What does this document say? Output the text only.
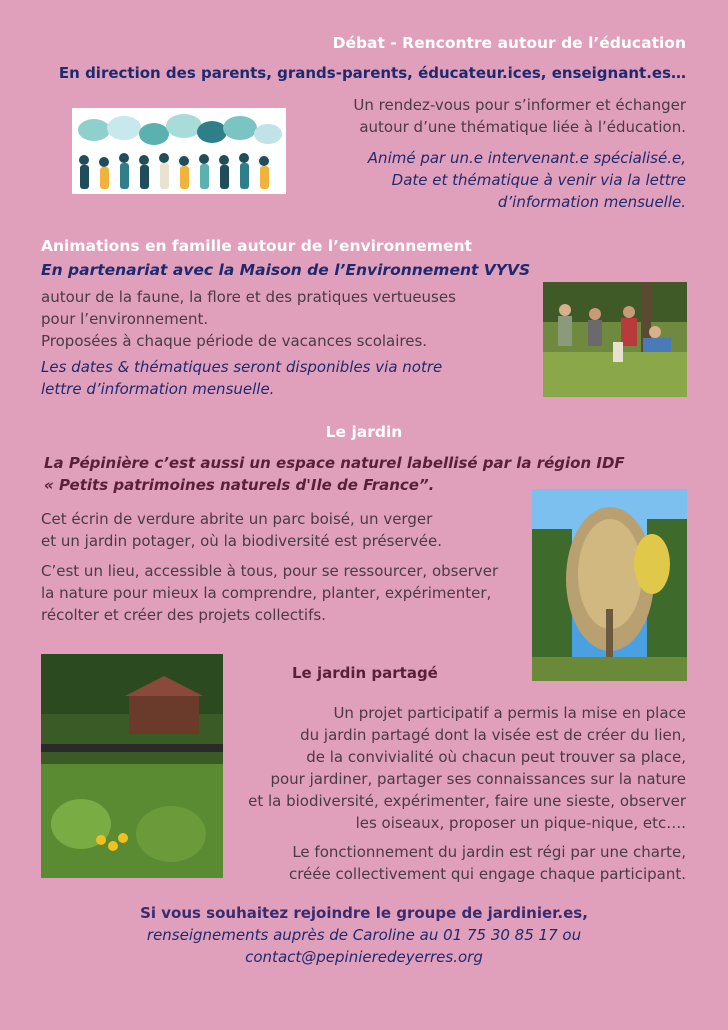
Débat - Rencontre autour de l’éducation
En direction des parents, grands-parents, éducateur.ices, enseignant.es…
Un rendez-vous pour s’informer et échanger
autour d’une thématique liée à l’éducation.
Animé par un.e intervenant.e spécialisé.e,
Date et thématique à venir via la lettre
d’information mensuelle.
Animations en famille autour de l’environnement
En partenariat avec la Maison de l’Environnement VYVS
autour de la faune, la flore et des pratiques vertueuses
pour l’environnement.
Proposées à chaque période de vacances scolaires.
Les dates & thématiques seront disponibles via notre
lettre d’information mensuelle.
Le jardin
La Pépinière c’est aussi un espace naturel labellisé par la région IDF
« Petits patrimoines naturels d'Ile de France”.
Cet écrin de verdure abrite un parc boisé, un verger
et un jardin potager, où la biodiversité est préservée.
C’est un lieu, accessible à tous, pour se ressourcer, observer
la nature pour mieux la comprendre, planter, expérimenter,
récolter et créer des projets collectifs.
Le jardin partagé
Un projet participatif a permis la mise en place
du jardin partagé dont la visée est de créer du lien,
de la convivialité où chacun peut trouver sa place,
pour jardiner, partager ses connaissances sur la nature
et la biodiversité, expérimenter, faire une sieste, observer
les oiseaux, proposer un pique-nique, etc….
Le fonctionnement du jardin est régi par une charte,
créée collectivement qui engage chaque participant.
Si vous souhaitez rejoindre le groupe de jardinier.es,
renseignements auprès de Caroline au 01 75 30 85 17 ou
contact@pepinieredeyerres.org
